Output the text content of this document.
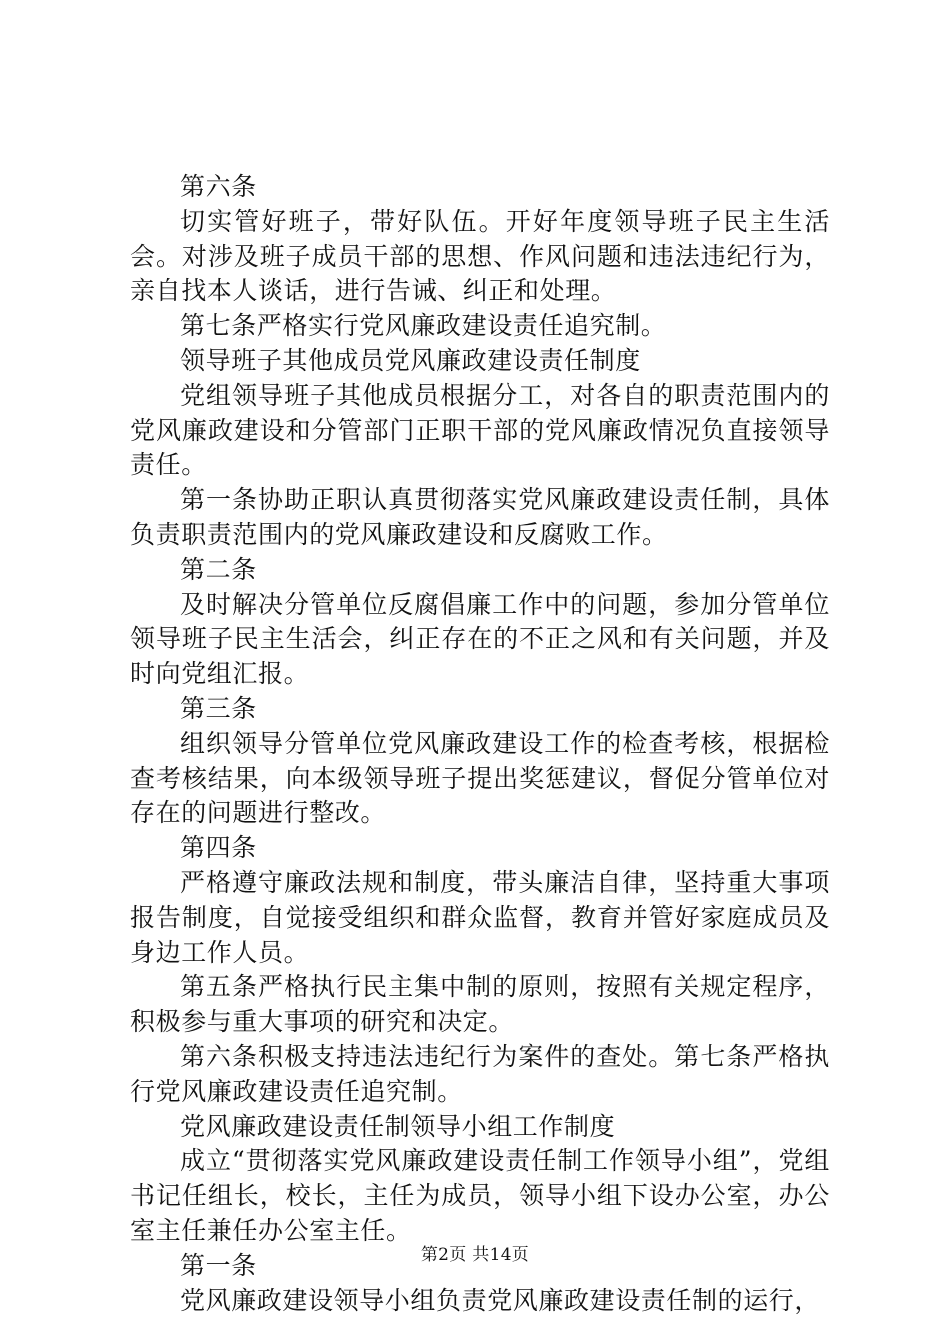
第六条

切实管好班子，带好队伍。开好年度领导班子民主生活会。对涉及班子成员干部的思想、作风问题和违法违纪行为，亲自找本人谈话，进行告诫、纠正和处理。

第七条严格实行党风廉政建设责任追究制。

领导班子其他成员党风廉政建设责任制度

党组领导班子其他成员根据分工，对各自的职责范围内的党风廉政建设和分管部门正职干部的党风廉政情况负直接领导责任。

第一条协助正职认真贯彻落实党风廉政建设责任制，具体负责职责范围内的党风廉政建设和反腐败工作。

第二条

及时解决分管单位反腐倡廉工作中的问题，参加分管单位领导班子民主生活会，纠正存在的不正之风和有关问题，并及时向党组汇报。

第三条

组织领导分管单位党风廉政建设工作的检查考核，根据检查考核结果，向本级领导班子提出奖惩建议，督促分管单位对存在的问题进行整改。

第四条

严格遵守廉政法规和制度，带头廉洁自律，坚持重大事项报告制度，自觉接受组织和群众监督，教育并管好家庭成员及身边工作人员。

第五条严格执行民主集中制的原则，按照有关规定程序，积极参与重大事项的研究和决定。

第六条积极支持违法违纪行为案件的查处。第七条严格执行党风廉政建设责任追究制。

党风廉政建设责任制领导小组工作制度

成立“贯彻落实党风廉政建设责任制工作领导小组”，党组书记任组长，校长，主任为成员，领导小组下设办公室，办公室主任兼任办公室主任。

第一条

党风廉政建设领导小组负责党风廉政建设责任制的运行，

第2页 共14页
